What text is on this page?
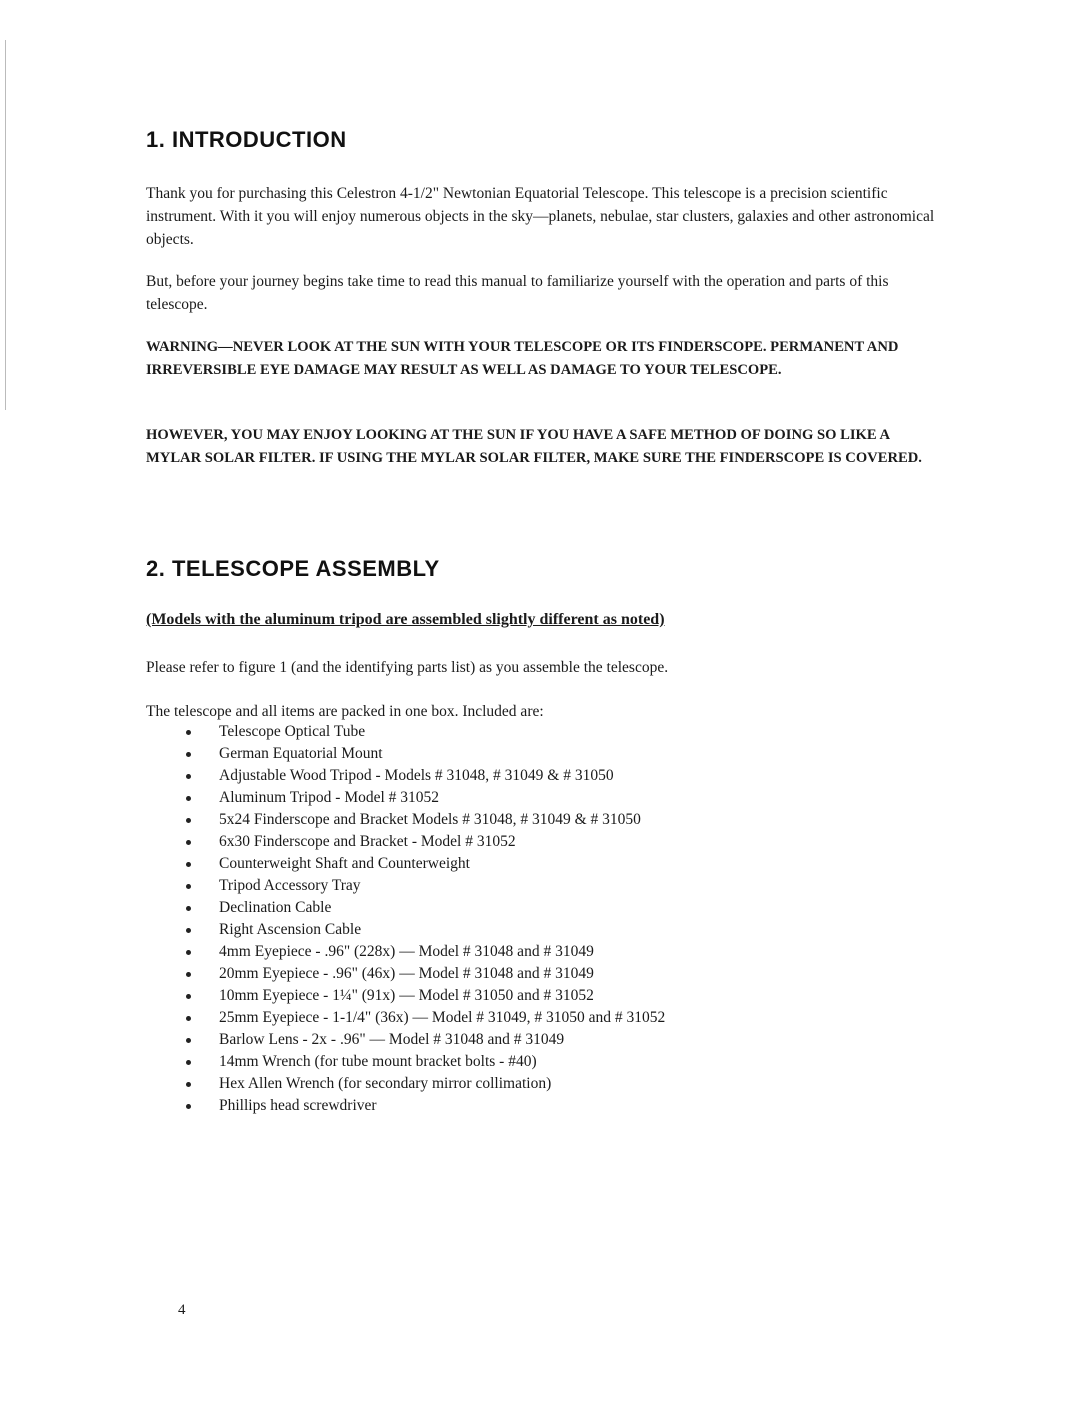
1. INTRODUCTION

Thank you for purchasing this Celestron 4-1/2" Newtonian Equatorial Telescope. This telescope is a precision scientific instrument. With it you will enjoy numerous objects in the sky—planets, nebulae, star clusters, galaxies and other astronomical objects.

But, before your journey begins take time to read this manual to familiarize yourself with the operation and parts of this telescope.

WARNING—NEVER LOOK AT THE SUN WITH YOUR TELESCOPE OR ITS FINDERSCOPE. PERMANENT AND IRREVERSIBLE EYE DAMAGE MAY RESULT AS WELL AS DAMAGE TO YOUR TELESCOPE.

HOWEVER, YOU MAY ENJOY LOOKING AT THE SUN IF YOU HAVE A SAFE METHOD OF DOING SO LIKE A MYLAR SOLAR FILTER. IF USING THE MYLAR SOLAR FILTER, MAKE SURE THE FINDERSCOPE IS COVERED.

2. TELESCOPE ASSEMBLY

(Models with the aluminum tripod are assembled slightly different as noted)

Please refer to figure 1 (and the identifying parts list) as you assemble the telescope.

The telescope and all items are packed in one box. Included are:

Telescope Optical Tube
German Equatorial Mount
Adjustable Wood Tripod - Models # 31048, # 31049 & # 31050
Aluminum Tripod - Model # 31052
5x24 Finderscope and Bracket Models # 31048, # 31049 & # 31050
6x30 Finderscope and Bracket - Model # 31052
Counterweight Shaft and Counterweight
Tripod Accessory Tray
Declination Cable
Right Ascension Cable
4mm Eyepiece - .96" (228x) — Model # 31048 and # 31049
20mm Eyepiece - .96" (46x) — Model # 31048 and # 31049
10mm Eyepiece - 1¼" (91x) — Model # 31050 and # 31052
25mm Eyepiece - 1-1/4" (36x) — Model # 31049, # 31050 and # 31052
Barlow Lens - 2x - .96" — Model # 31048 and # 31049
14mm Wrench (for tube mount bracket bolts - #40)
Hex Allen Wrench (for secondary mirror collimation)
Phillips head screwdriver

4
